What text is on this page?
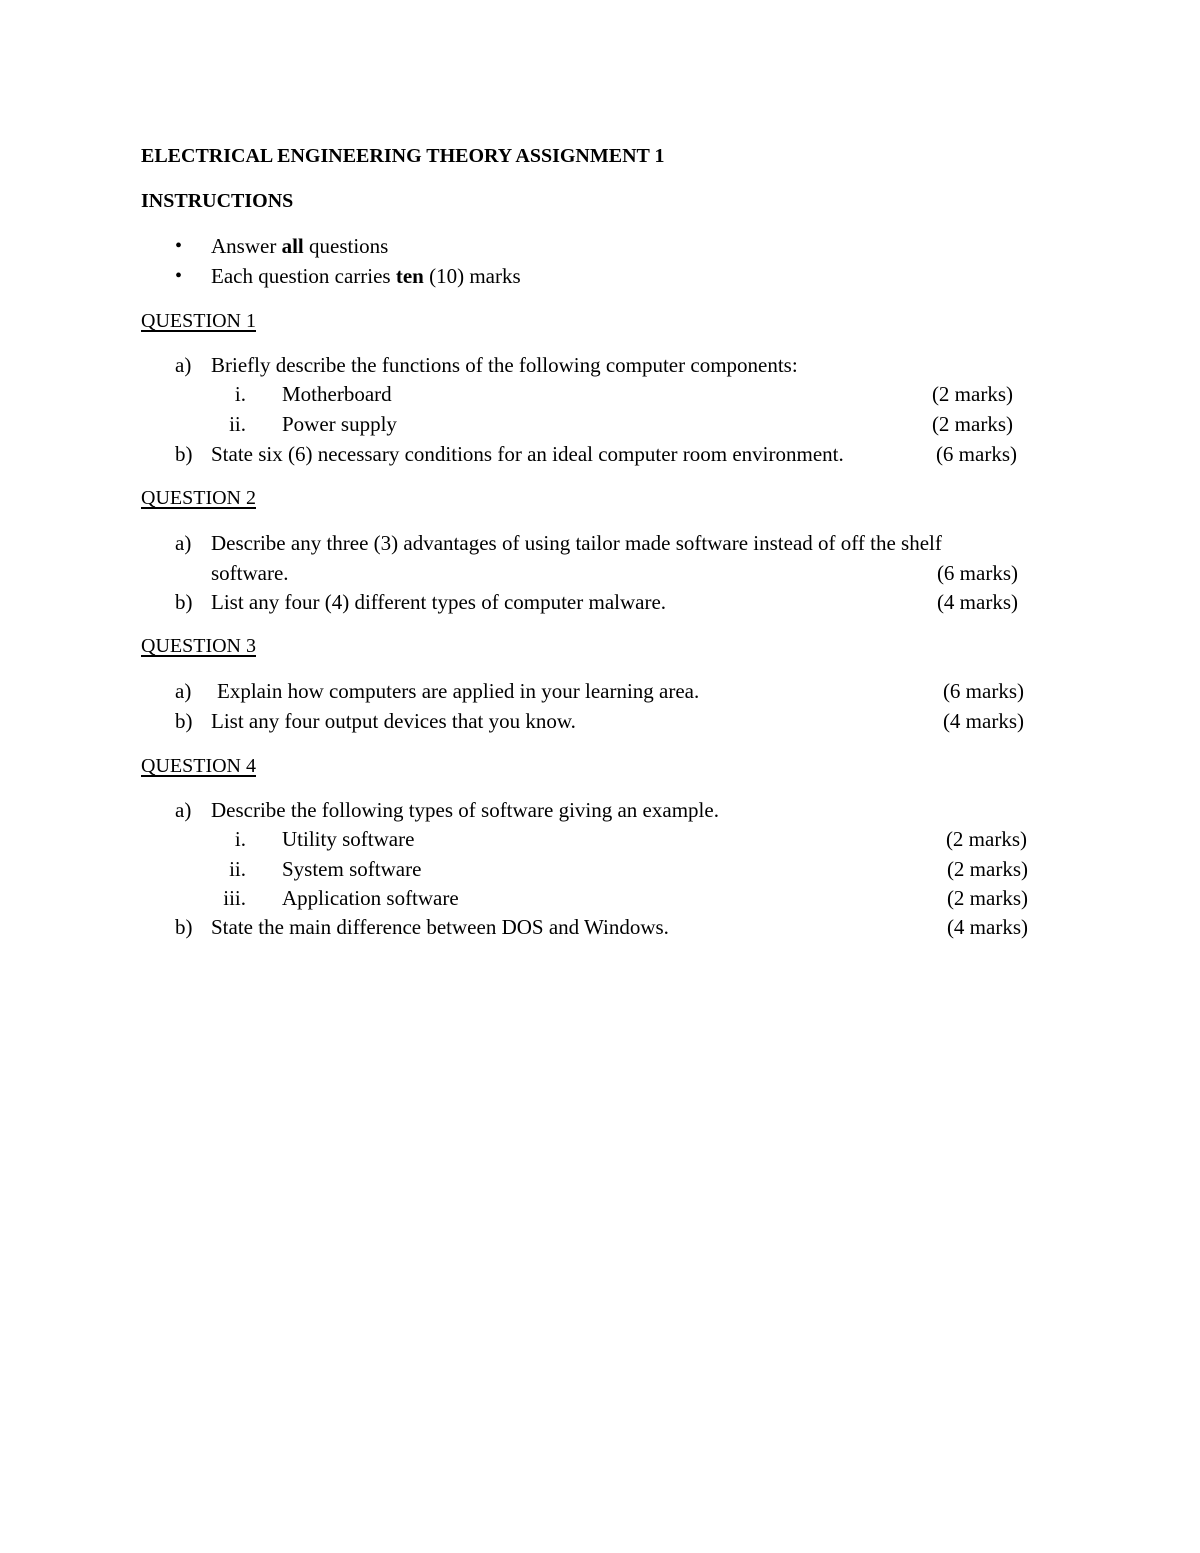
ELECTRICAL ENGINEERING THEORY ASSIGNMENT 1
INSTRUCTIONS
• Answer all questions
• Each question carries ten (10) marks
QUESTION 1
a) Briefly describe the functions of the following computer components:
i. Motherboard	(2 marks)
ii. Power supply	(2 marks)
b) State six (6) necessary conditions for an ideal computer room environment.	(6 marks)
QUESTION 2
a) Describe any three (3) advantages of using tailor made software instead of off the shelf
software.	(6 marks)
b) List any four (4) different types of computer malware.	(4 marks)
QUESTION 3
a) Explain how computers are applied in your learning area.	(6 marks)
b) List any four output devices that you know.	(4 marks)
QUESTION 4
a) Describe the following types of software giving an example.
i. Utility software	(2 marks)
ii. System software	(2 marks)
iii. Application software	(2 marks)
b) State the main difference between DOS and Windows.	(4 marks)
